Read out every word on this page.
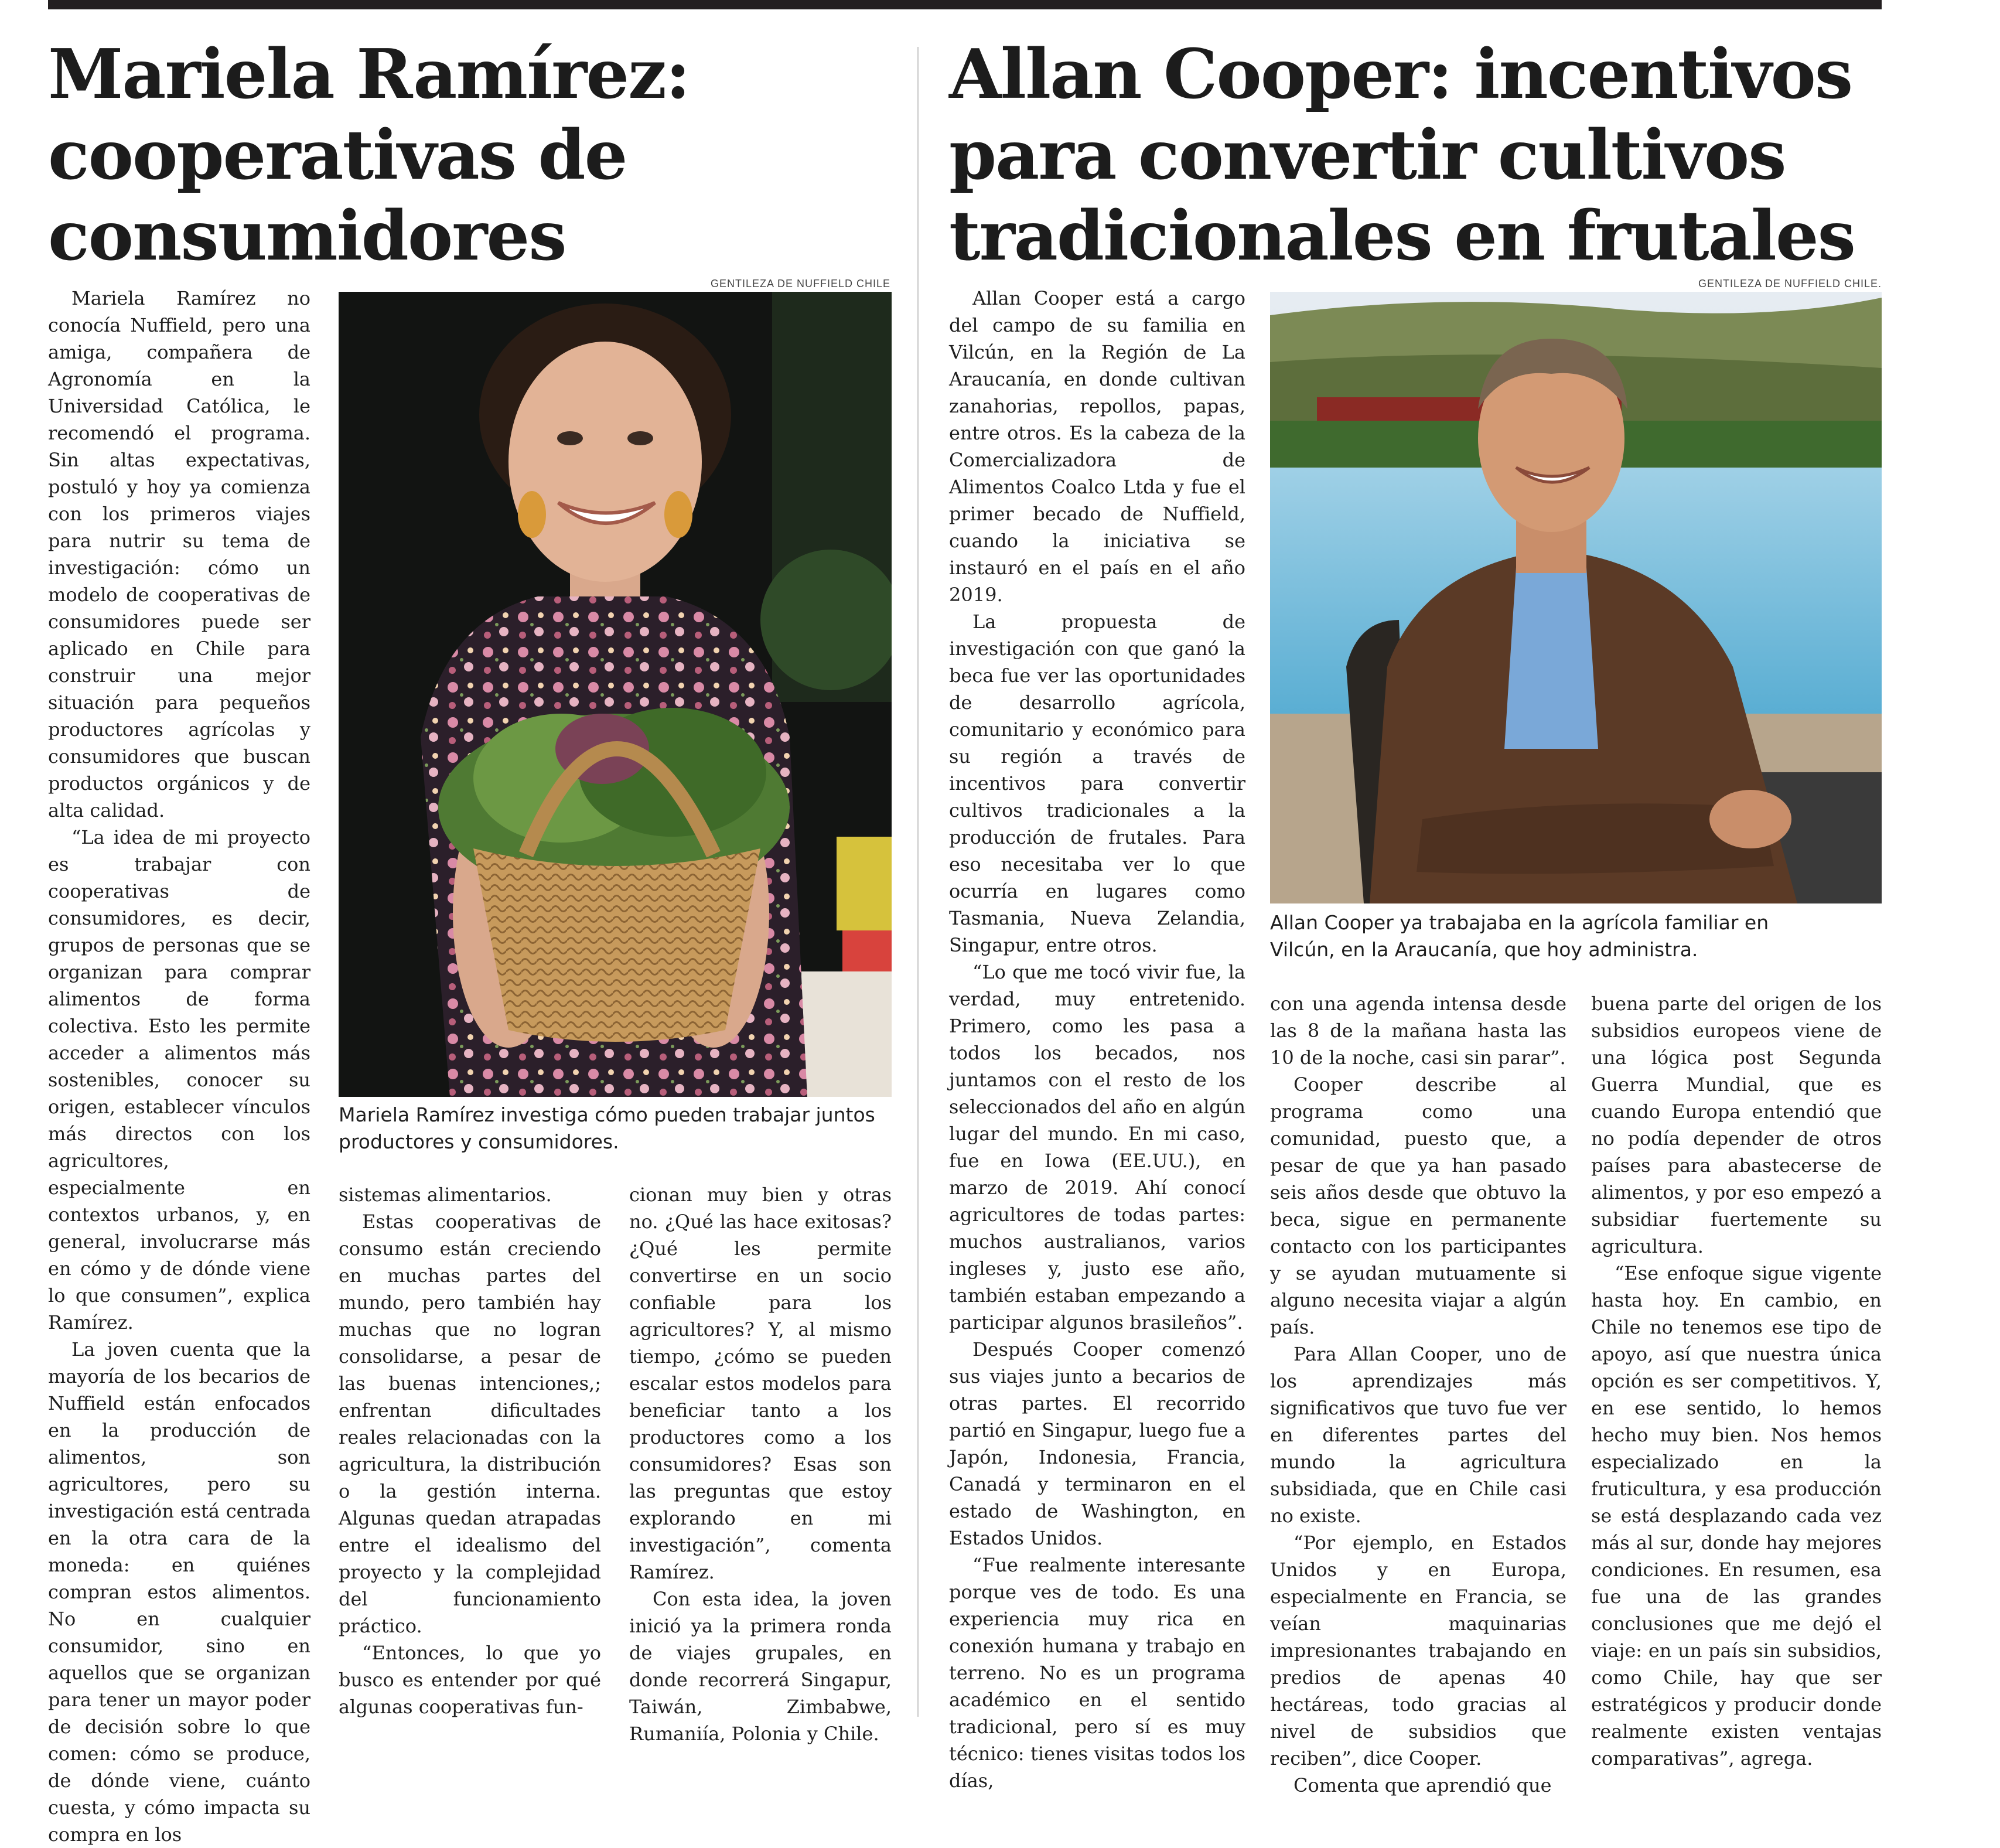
Mariela Ramírez:
cooperativas de
consumidores
GENTILEZA DE NUFFIELD CHILE
Mariela Ramírez investiga cómo pueden trabajar juntos productores y consumidores.

Mariela Ramírez no conocía Nuffield, pero una amiga, compañera de Agronomía en la Universidad Católica, le recomendó el programa. Sin altas expectativas, postuló y hoy ya comienza con los primeros viajes para nutrir su tema de investigación: cómo un modelo de cooperativas de consumidores puede ser aplicado en Chile para construir una mejor situación para pequeños productores agrícolas y consumidores que buscan productos orgánicos y de alta calidad.

“La idea de mi proyecto es trabajar con cooperativas de consumidores, es decir, grupos de personas que se organizan para comprar alimentos de forma colectiva. Esto les permite acceder a alimentos más sostenibles, conocer su origen, establecer vínculos más directos con los agricultores, especialmente en contextos urbanos, y, en general, involucrarse más en cómo y de dónde viene lo que consumen”, explica Ramírez.

La joven cuenta que la mayoría de los becarios de Nuffield están enfocados en la producción de alimentos, son agricultores, pero su investigación está centrada en la otra cara de la moneda: en quiénes compran estos alimentos. No en cualquier consumidor, sino en aquellos que se organizan para tener un mayor poder de decisión sobre lo que comen: cómo se produce, de dónde viene, cuánto cuesta, y cómo impacta su compra en los

sistemas alimentarios.

Estas cooperativas de consumo están creciendo en muchas partes del mundo, pero también hay muchas que no logran consolidarse, a pesar de las buenas intenciones,; enfrentan dificultades reales relacionadas con la agricultura, la distribución o la gestión interna. Algunas quedan atrapadas entre el idealismo del proyecto y la complejidad del funcionamiento práctico.

“Entonces, lo que yo busco es entender por qué algunas cooperativas fun-

cionan muy bien y otras no. ¿Qué las hace exitosas? ¿Qué les permite convertirse en un socio confiable para los agricultores? Y, al mismo tiempo, ¿cómo se pueden escalar estos modelos para beneficiar tanto a los productores como a los consumidores? Esas son las preguntas que estoy explorando en mi investigación”, comenta Ramírez.

Con esta idea, la joven inició ya la primera ronda de viajes grupales, en donde recorrerá Singapur, Taiwán, Zimbabwe, Rumaniía, Polonia y Chile.

Allan Cooper: incentivos
para convertir cultivos
tradicionales en frutales
GENTILEZA DE NUFFIELD CHILE.
Allan Cooper ya trabajaba en la agrícola familiar en Vilcún, en la Araucanía, que hoy administra.

Allan Cooper está a cargo del campo de su familia en Vilcún, en la Región de La Araucanía, en donde cultivan zanahorias, repollos, papas, entre otros. Es la cabeza de la Comercializadora de Alimentos Coalco Ltda y fue el primer becado de Nuffield, cuando la iniciativa se instauró en el país en el año 2019.

La propuesta de investigación con que ganó la beca fue ver las oportunidades de desarrollo agrícola, comunitario y económico para su región a través de incentivos para convertir cultivos tradicionales a la producción de frutales. Para eso necesitaba ver lo que ocurría en lugares como Tasmania, Nueva Zelandia, Singapur, entre otros.

“Lo que me tocó vivir fue, la verdad, muy entretenido. Primero, como les pasa a todos los becados, nos juntamos con el resto de los seleccionados del año en algún lugar del mundo. En mi caso, fue en Iowa (EE.UU.), en marzo de 2019. Ahí conocí agricultores de todas partes: muchos australianos, varios ingleses y, justo ese año, también estaban empezando a participar algunos brasileños”.

Después Cooper comenzó sus viajes junto a becarios de otras partes. El recorrido partió en Singapur, luego fue a Japón, Indonesia, Francia, Canadá y terminaron en el estado de Washington, en Estados Unidos.

“Fue realmente interesante porque ves de todo. Es una experiencia muy rica en conexión humana y trabajo en terreno. No es un programa académico en el sentido tradicional, pero sí es muy técnico: tienes visitas todos los días,

con una agenda intensa desde las 8 de la mañana hasta las 10 de la noche, casi sin parar”.

Cooper describe al programa como una comunidad, puesto que, a pesar de que ya han pasado seis años desde que obtuvo la beca, sigue en permanente contacto con los participantes y se ayudan mutuamente si alguno necesita viajar a algún país.

Para Allan Cooper, uno de los aprendizajes más significativos que tuvo fue ver en diferentes partes del mundo la agricultura subsidiada, que en Chile casi no existe.

“Por ejemplo, en Estados Unidos y en Europa, especialmente en Francia, se veían maquinarias impresionantes trabajando en predios de apenas 40 hectáreas, todo gracias al nivel de subsidios que reciben”, dice Cooper.

Comenta que aprendió que

buena parte del origen de los subsidios europeos viene de una lógica post Segunda Guerra Mundial, que es cuando Europa entendió que no podía depender de otros países para abastecerse de alimentos, y por eso empezó a subsidiar fuertemente su agricultura.

“Ese enfoque sigue vigente hasta hoy. En cambio, en Chile no tenemos ese tipo de apoyo, así que nuestra única opción es ser competitivos. Y, en ese sentido, lo hemos hecho muy bien. Nos hemos especializado en la fruticultura, y esa producción se está desplazando cada vez más al sur, donde hay mejores condiciones. En resumen, esa fue una de las grandes conclusiones que me dejó el viaje: en un país sin subsidios, como Chile, hay que ser estratégicos y producir donde realmente existen ventajas comparativas”, agrega.
